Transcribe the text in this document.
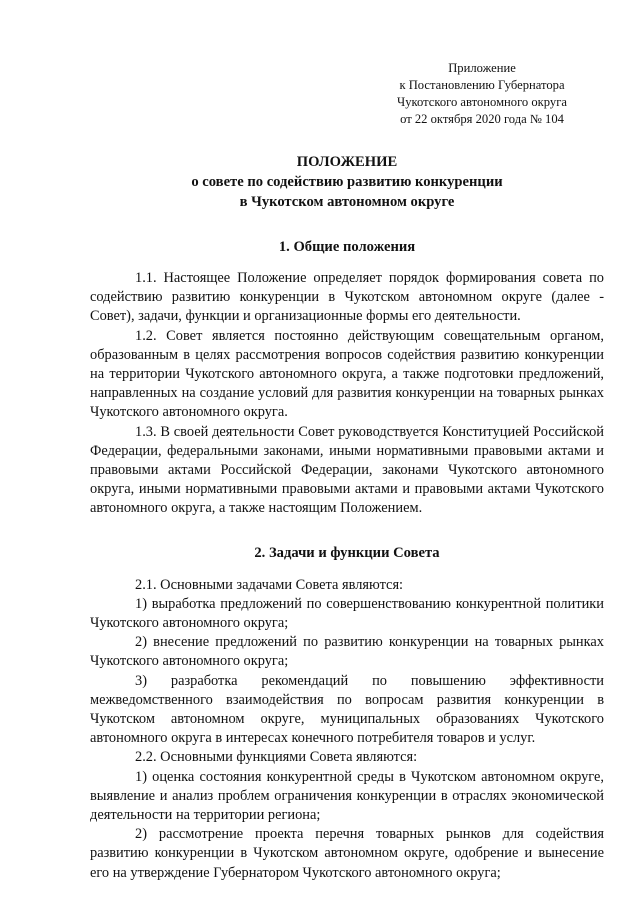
Приложение
к Постановлению Губернатора
Чукотского автономного округа
от 22 октября 2020 года № 104
ПОЛОЖЕНИЕ
о совете по содействию развитию конкуренции
в Чукотском автономном округе
1. Общие положения

1.1. Настоящее Положение определяет порядок формирования совета по содействию развитию конкуренции в Чукотском автономном округе (далее - Совет), задачи, функции и организационные формы его деятельности.

1.2. Совет является постоянно действующим совещательным органом, образованным в целях рассмотрения вопросов содействия развитию конкуренции на территории Чукотского автономного округа, а также подготовки предложений, направленных на создание условий для развития конкуренции на товарных рынках Чукотского автономного округа.

1.3. В своей деятельности Совет руководствуется Конституцией Российской Федерации, федеральными законами, иными нормативными правовыми актами и правовыми актами Российской Федерации, законами Чукотского автономного округа, иными нормативными правовыми актами и правовыми актами Чукотского автономного округа, а также настоящим Положением.

2. Задачи и функции Совета

2.1. Основными задачами Совета являются:

1) выработка предложений по совершенствованию конкурентной политики Чукотского автономного округа;

2) внесение предложений по развитию конкуренции на товарных рынках Чукотского автономного округа;

3) разработка рекомендаций по повышению эффективности межведомственного взаимодействия по вопросам развития конкуренции в Чукотском автономном округе, муниципальных образованиях Чукотского автономного округа в интересах конечного потребителя товаров и услуг.

2.2. Основными функциями Совета являются:

1) оценка состояния конкурентной среды в Чукотском автономном округе, выявление и анализ проблем ограничения конкуренции в отраслях экономической деятельности на территории региона;

2) рассмотрение проекта перечня товарных рынков для содействия развитию конкуренции в Чукотском автономном округе, одобрение и вынесение его на утверждение Губернатором Чукотского автономного округа;
